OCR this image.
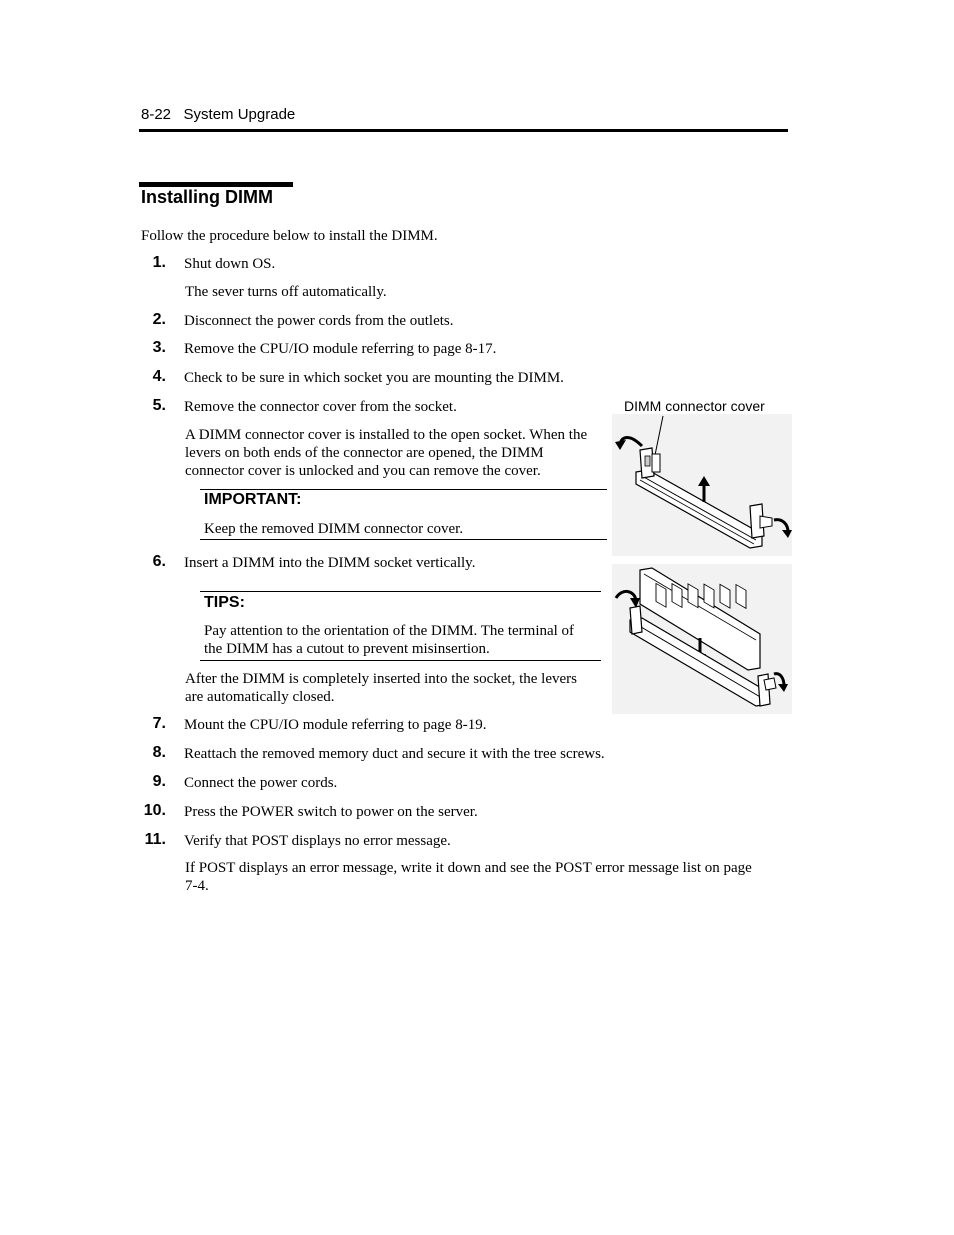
8-22 System Upgrade
Installing DIMM
Follow the procedure below to install the DIMM.
1. Shut down OS.
The sever turns off automatically.
2. Disconnect the power cords from the outlets.
3. Remove the CPU/IO module referring to page 8-17.
4. Check to be sure in which socket you are mounting the DIMM.
5. Remove the connector cover from the socket.
A DIMM connector cover is installed to the open socket. When the
levers on both ends of the connector are opened, the DIMM
connector cover is unlocked and you can remove the cover.
IMPORTANT:
Keep the removed DIMM connector cover.
6. Insert a DIMM into the DIMM socket vertically.
TIPS:
Pay attention to the orientation of the DIMM. The terminal of
the DIMM has a cutout to prevent misinsertion.
After the DIMM is completely inserted into the socket, the levers
are automatically closed.
7. Mount the CPU/IO module referring to page 8-19.
8. Reattach the removed memory duct and secure it with the tree screws.
9. Connect the power cords.
10. Press the POWER switch to power on the server.
11. Verify that POST displays no error message.
If POST displays an error message, write it down and see the POST error message list on page
7-4.
DIMM connector cover
